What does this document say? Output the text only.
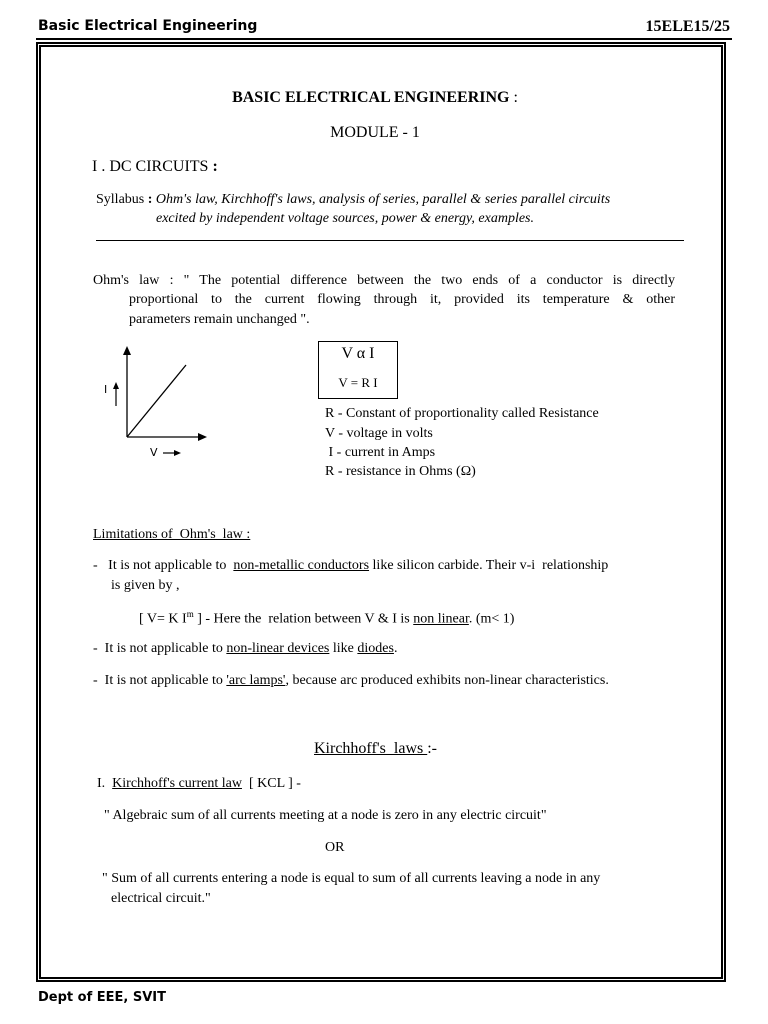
Basic Electrical Engineering	15ELE15/25
BASIC ELECTRICAL ENGINEERING :
MODULE - 1
I . DC CIRCUITS :
Syllabus : Ohm's law, Kirchhoff's laws, analysis of series, parallel & series parallel circuits
excited by independent voltage sources, power & energy, examples.
Ohm's law : " The potential difference between the two ends of a conductor is directly
proportional to the current flowing through it, provided its temperature & other
parameters remain unchanged ".
I
V
V α I
V = R I
R - Constant of proportionality called Resistance
V - voltage in volts
I - current in Amps
R - resistance in Ohms (Ω)
Limitations of  Ohm's  law :
-   It is not applicable to  non-metallic conductors like silicon carbide. Their v-i  relationship
is given by ,
[ V= K $I^m$ ] - Here the  relation between V & I is non linear. (m< 1)
-  It is not applicable to non-linear devices like diodes.
-  It is not applicable to 'arc lamps', because arc produced exhibits non-linear characteristics.
Kirchhoff's  laws :-
I.  Kirchhoff's current law  [ KCL ] -
" Algebraic sum of all currents meeting at a node is zero in any electric circuit"
OR
" Sum of all currents entering a node is equal to sum of all currents leaving a node in any
electrical circuit."
Dept of EEE, SVIT
